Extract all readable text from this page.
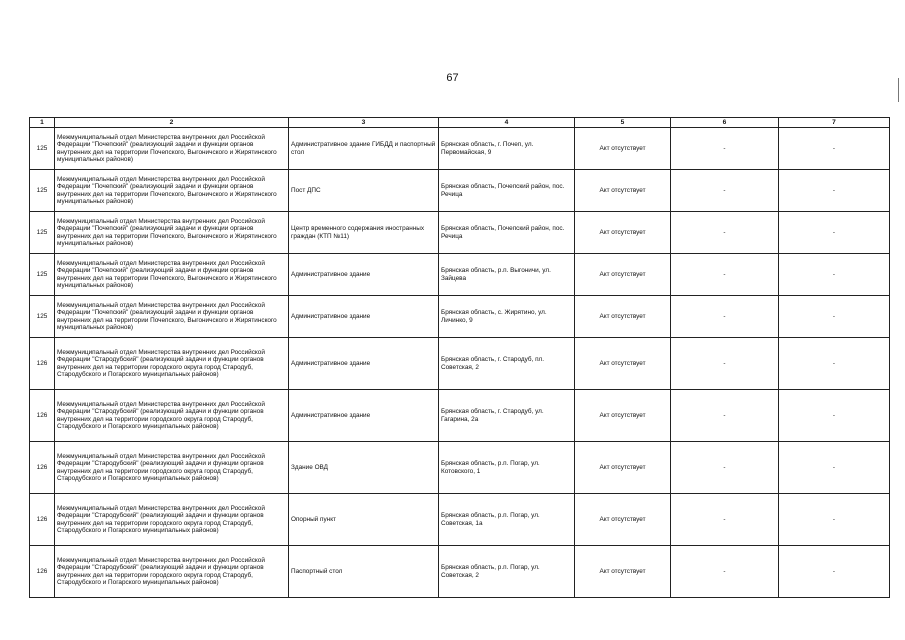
67
1	2	3	4	5	6	7
125	Межмуниципальный отдел Министерства внутренних дел Российской Федерации "Почепский" (реализующий задачи и функции органов внутренних дел на территории Почепского, Выгоничского и Жирятинского муниципальных районов)	Административное здание ГИБДД и паспортный стол	Брянская область, г. Почеп, ул. Первомайская, 9	Акт отсутствует	-	-
125	Межмуниципальный отдел Министерства внутренних дел Российской Федерации "Почепский" (реализующий задачи и функции органов внутренних дел на территории Почепского, Выгоничского и Жирятинского муниципальных районов)	Пост ДПС	Брянская область, Почепский район, пос. Речица	Акт отсутствует	-	-
125	Межмуниципальный отдел Министерства внутренних дел Российской Федерации "Почепский" (реализующий задачи и функции органов внутренних дел на территории Почепского, Выгоничского и Жирятинского муниципальных районов)	Центр временного содержания иностранных граждан (КТП №11)	Брянская область, Почепский район, пос. Речица	Акт отсутствует	-	-
125	Межмуниципальный отдел Министерства внутренних дел Российской Федерации "Почепский" (реализующий задачи и функции органов внутренних дел на территории Почепского, Выгоничского и Жирятинского муниципальных районов)	Административное здание	Брянская область, р.п. Выгоничи, ул. Зайцева	Акт отсутствует	-	-
125	Межмуниципальный отдел Министерства внутренних дел Российской Федерации "Почепский" (реализующий задачи и функции органов внутренних дел на территории Почепского, Выгоничского и Жирятинского муниципальных районов)	Административное здание	Брянская область, с. Жирятино, ул. Личинко, 9	Акт отсутствует	-	-
126	Межмуниципальный отдел Министерства внутренних дел Российской Федерации "Стародубский" (реализующий задачи и функции органов внутренних дел на территории городского округа город Стародуб, Стародубского и Погарского муниципальных районов)	Административное здание	Брянская область, г. Стародуб, пл. Советская, 2	Акт отсутствует	-	-
126	Межмуниципальный отдел Министерства внутренних дел Российской Федерации "Стародубский" (реализующий задачи и функции органов внутренних дел на территории городского округа город Стародуб, Стародубского и Погарского муниципальных районов)	Административное здание	Брянская область, г. Стародуб, ул. Гагарина, 2а	Акт отсутствует	-	-
126	Межмуниципальный отдел Министерства внутренних дел Российской Федерации "Стародубский" (реализующий задачи и функции органов внутренних дел на территории городского округа город Стародуб, Стародубского и Погарского муниципальных районов)	Здание ОВД	Брянская область, р.п. Погар, ул. Котовского, 1	Акт отсутствует	-	-
126	Межмуниципальный отдел Министерства внутренних дел Российской Федерации "Стародубский" (реализующий задачи и функции органов внутренних дел на территории городского округа город Стародуб, Стародубского и Погарского муниципальных районов)	Опорный пункт	Брянская область, р.п. Погар, ул. Советская, 1а	Акт отсутствует	-	-
126	Межмуниципальный отдел Министерства внутренних дел Российской Федерации "Стародубский" (реализующий задачи и функции органов внутренних дел на территории городского округа город Стародуб, Стародубского и Погарского муниципальных районов)	Паспортный стол	Брянская область, р.п. Погар, ул. Советская, 2	Акт отсутствует	-	-
